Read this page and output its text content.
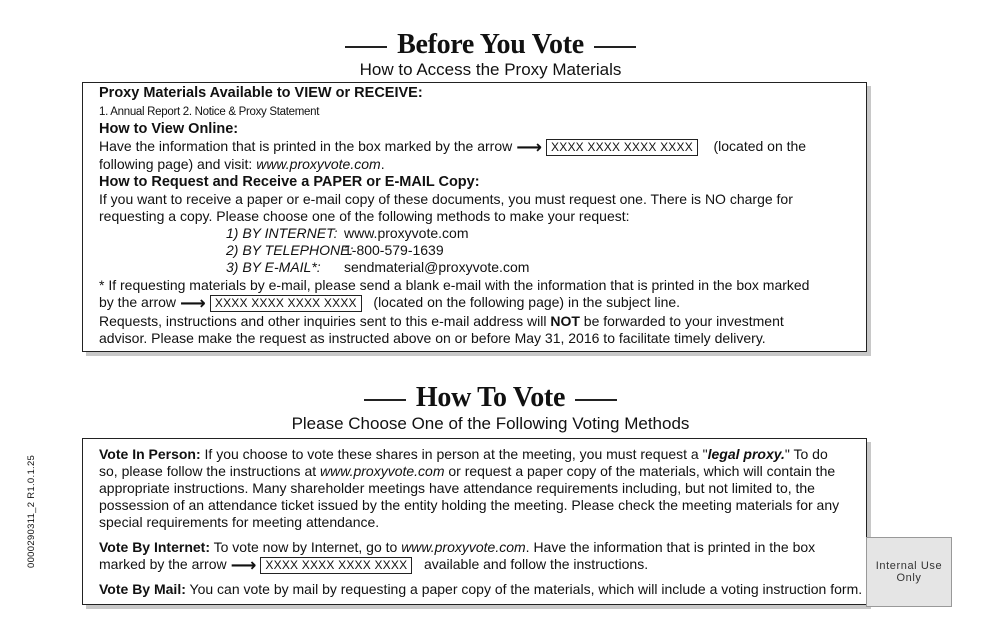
Before You Vote
How to Access the Proxy Materials
Proxy Materials Available to VIEW or RECEIVE:
1. Annual Report 2. Notice & Proxy Statement
How to View Online:
Have the information that is printed in the box marked by the arrow ⟶ XXXX XXXX XXXX XXXX (located on the
following page) and visit: www.proxyvote.com.
How to Request and Receive a PAPER or E-MAIL Copy:
If you want to receive a paper or e-mail copy of these documents, you must request one. There is NO charge for
requesting a copy. Please choose one of the following methods to make your request:
1) BY INTERNET: www.proxyvote.com
2) BY TELEPHONE:1-800-579-1639
3) BY E-MAIL*: sendmaterial@proxyvote.com
* If requesting materials by e-mail, please send a blank e-mail with the information that is printed in the box marked
by the arrow ⟶ XXXX XXXX XXXX XXXX (located on the following page) in the subject line.
Requests, instructions and other inquiries sent to this e-mail address will NOT be forwarded to your investment
advisor. Please make the request as instructed above on or before May 31, 2016 to facilitate timely delivery.
How To Vote
Please Choose One of the Following Voting Methods
0000290311_2 R1.0.1.25
Vote In Person: If you choose to vote these shares in person at the meeting, you must request a "legal proxy." To do
so, please follow the instructions at www.proxyvote.com or request a paper copy of the materials, which will contain the
appropriate instructions. Many shareholder meetings have attendance requirements including, but not limited to, the
possession of an attendance ticket issued by the entity holding the meeting. Please check the meeting materials for any
special requirements for meeting attendance.
Vote By Internet: To vote now by Internet, go to www.proxyvote.com. Have the information that is printed in the box
marked by the arrow ⟶ XXXX XXXX XXXX XXXX available and follow the instructions.
Vote By Mail: You can vote by mail by requesting a paper copy of the materials, which will include a voting instruction form.
Internal Use Only
